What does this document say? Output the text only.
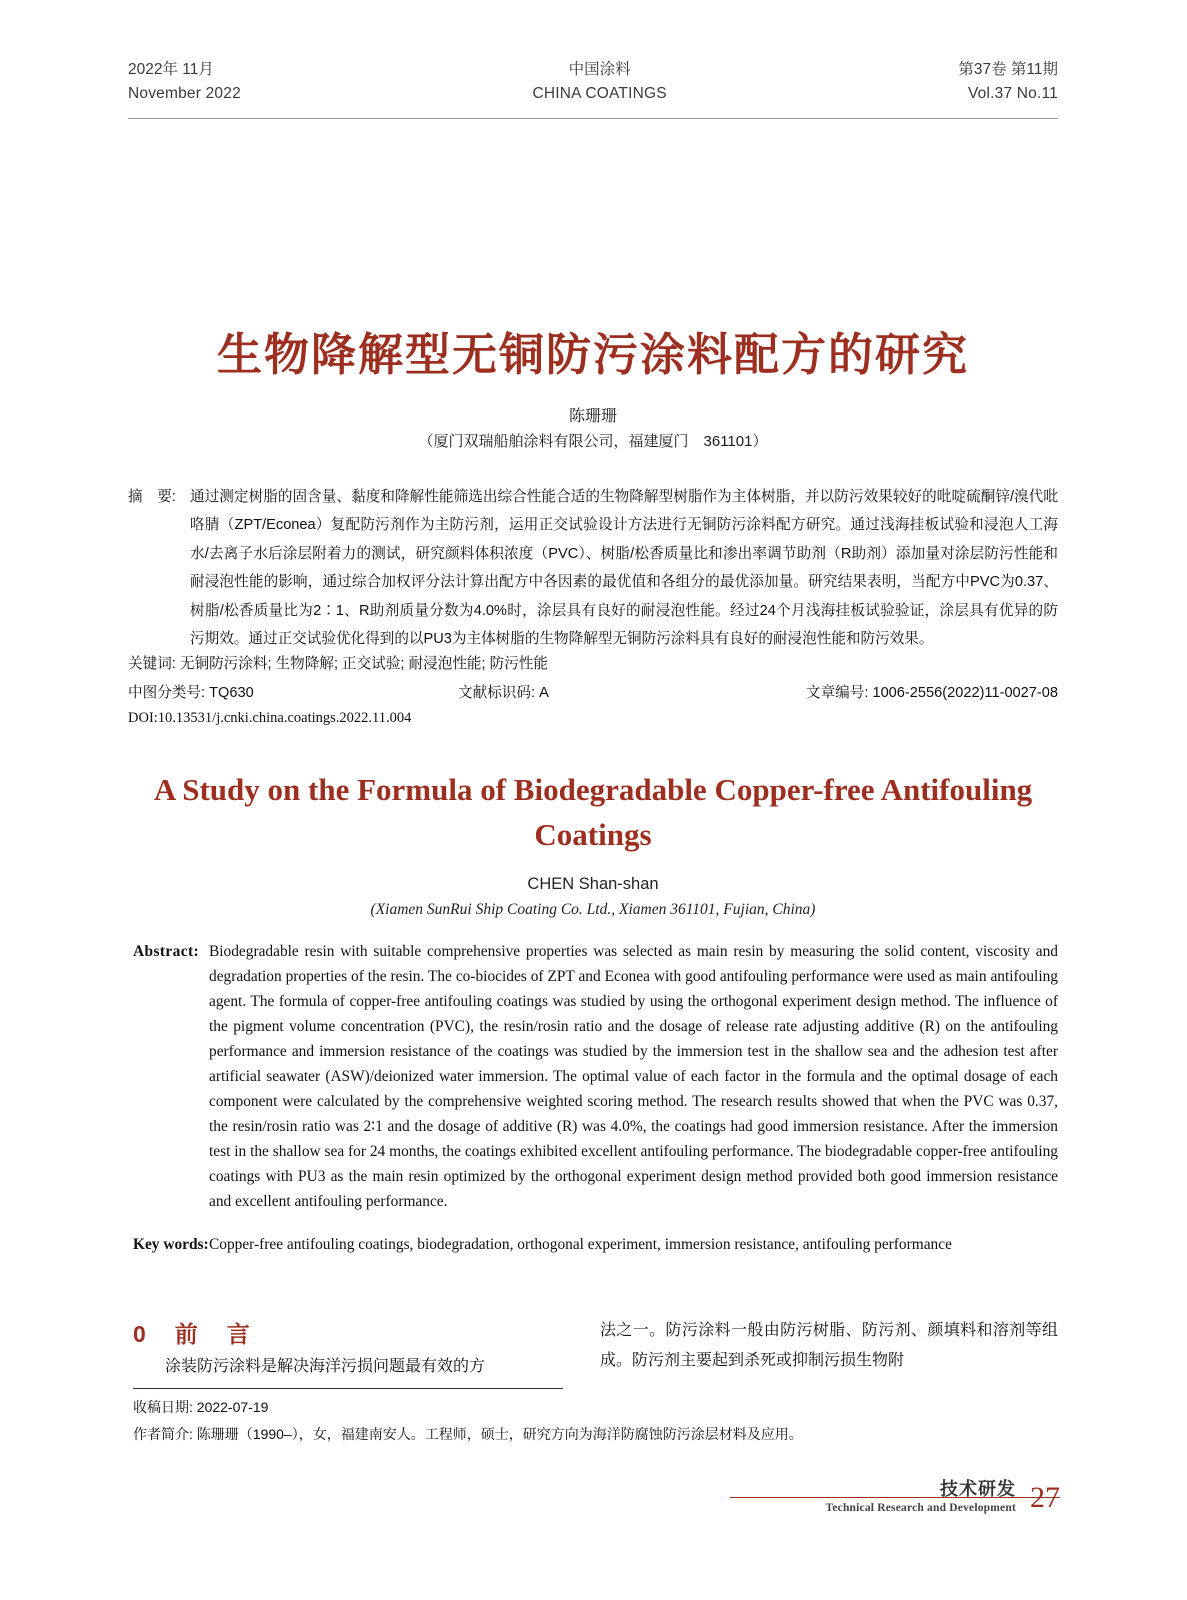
2022年 11月
November 2022
中国涂料
CHINA COATINGS
第37卷 第11期
Vol.37 No.11
生物降解型无铜防污涂料配方的研究
陈珊珊
（厦门双瑞船舶涂料有限公司，福建厦门　361101）
摘　要: 通过测定树脂的固含量、黏度和降解性能筛选出综合性能合适的生物降解型树脂作为主体树脂，并以防污效果较好的吡啶硫酮锌/溴代吡咯腈（ZPT/Econea）复配防污剂作为主防污剂，运用正交试验设计方法进行无铜防污涂料配方研究。通过浅海挂板试验和浸泡人工海水/去离子水后涂层附着力的测试，研究颜料体积浓度（PVC）、树脂/松香质量比和渗出率调节助剂（R助剂）添加量对涂层防污性能和耐浸泡性能的影响，通过综合加权评分法计算出配方中各因素的最优值和各组分的最优添加量。研究结果表明，当配方中PVC为0.37、树脂/松香质量比为2∶1、R助剂质量分数为4.0%时，涂层具有良好的耐浸泡性能。经过24个月浅海挂板试验验证，涂层具有优异的防污期效。通过正交试验优化得到的以PU3为主体树脂的生物降解型无铜防污涂料具有良好的耐浸泡性能和防污效果。
关键词: 无铜防污涂料; 生物降解; 正交试验; 耐浸泡性能; 防污性能
中图分类号: TQ630	文献标识码: A	文章编号: 1006-2556(2022)11-0027-08
DOI:10.13531/j.cnki.china.coatings.2022.11.004
A Study on the Formula of Biodegradable Copper-free Antifouling Coatings
CHEN Shan-shan
(Xiamen SunRui Ship Coating Co. Ltd., Xiamen 361101, Fujian, China)
Abstract: Biodegradable resin with suitable comprehensive properties was selected as main resin by measuring the solid content, viscosity and degradation properties of the resin. The co-biocides of ZPT and Econea with good antifouling performance were used as main antifouling agent. The formula of copper-free antifouling coatings was studied by using the orthogonal experiment design method. The influence of the pigment volume concentration (PVC), the resin/rosin ratio and the dosage of release rate adjusting additive (R) on the antifouling performance and immersion resistance of the coatings was studied by the immersion test in the shallow sea and the adhesion test after artificial seawater (ASW)/deionized water immersion. The optimal value of each factor in the formula and the optimal dosage of each component were calculated by the comprehensive weighted scoring method. The research results showed that when the PVC was 0.37, the resin/rosin ratio was 2∶1 and the dosage of additive (R) was 4.0%, the coatings had good immersion resistance. After the immersion test in the shallow sea for 24 months, the coatings exhibited excellent antifouling performance. The biodegradable copper-free antifouling coatings with PU3 as the main resin optimized by the orthogonal experiment design method provided both good immersion resistance and excellent antifouling performance.
Key words: Copper-free antifouling coatings, biodegradation, orthogonal experiment, immersion resistance, antifouling performance
0　前　言

涂装防污涂料是解决海洋污损问题最有效的方

法之一。防污涂料一般由防污树脂、防污剂、颜填料和溶剂等组成。防污剂主要起到杀死或抑制污损生物附

收稿日期: 2022-07-19
作者简介: 陈珊珊（1990–），女，福建南安人。工程师，硕士，研究方向为海洋防腐蚀防污涂层材料及应用。
技术研发
Technical Research and Development 27
